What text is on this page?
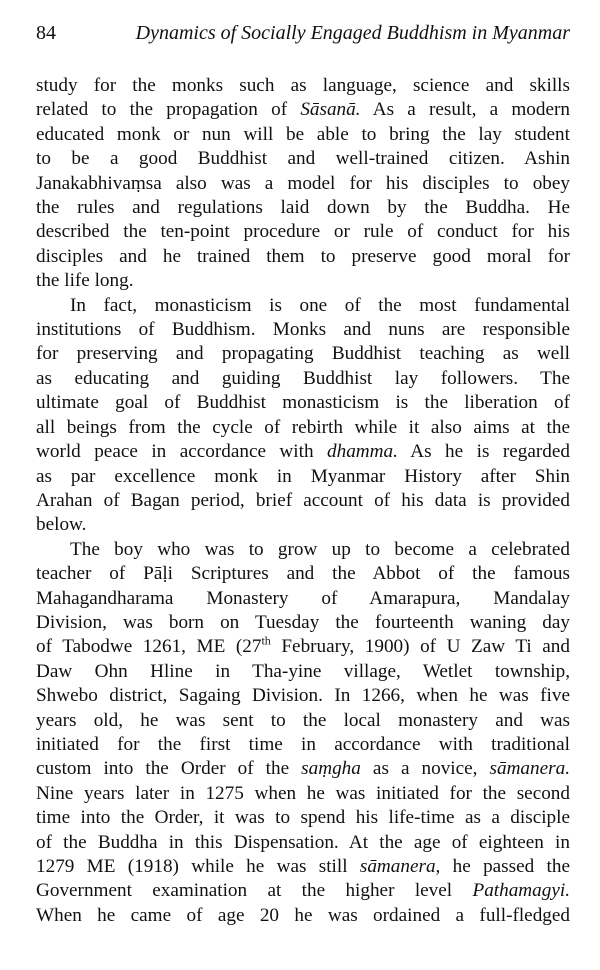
84	Dynamics of Socially Engaged Buddhism in Myanmar
study for the monks such as language, science and skills
related to the propagation of Sāsanā. As a result, a modern
educated monk or nun will be able to bring the lay student
to be a good Buddhist and well-trained citizen. Ashin
Janakabhivaṃsa also was a model for his disciples to obey
the rules and regulations laid down by the Buddha. He
described the ten-point procedure or rule of conduct for his
disciples and he trained them to preserve good moral for
the life long.
In fact, monasticism is one of the most fundamental
institutions of Buddhism. Monks and nuns are responsible
for preserving and propagating Buddhist teaching as well
as educating and guiding Buddhist lay followers. The
ultimate goal of Buddhist monasticism is the liberation of
all beings from the cycle of rebirth while it also aims at the
world peace in accordance with dhamma. As he is regarded
as par excellence monk in Myanmar History after Shin
Arahan of Bagan period, brief account of his data is provided
below.
The boy who was to grow up to become a celebrated
teacher of Pāḷi Scriptures and the Abbot of the famous
Mahagandharama Monastery of Amarapura, Mandalay
Division, was born on Tuesday the fourteenth waning day
of Tabodwe 1261, ME (27th February, 1900) of U Zaw Ti and
Daw Ohn Hline in Tha-yine village, Wetlet township,
Shwebo district, Sagaing Division. In 1266, when he was five
years old, he was sent to the local monastery and was
initiated for the first time in accordance with traditional
custom into the Order of the saṃgha as a novice, sāmanera.
Nine years later in 1275 when he was initiated for the second
time into the Order, it was to spend his life-time as a disciple
of the Buddha in this Dispensation. At the age of eighteen in
1279 ME (1918) while he was still sāmanera, he passed the
Government examination at the higher level Pathamagyi.
When he came of age 20 he was ordained a full-fledged
